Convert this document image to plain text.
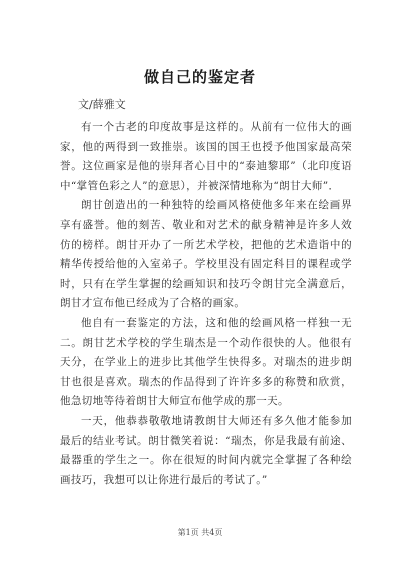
做自己的鉴定者
文/薛雅文

有一个古老的印度故事是这样的。从前有一位伟大的画家，他的两得到一致推崇。该国的国王也授予他国家最高荣誉。这位画家是他的崇拜者心目中的“泰迪黎耶”（北印度语中“掌管色彩之人”的意思），并被深情地称为“朗甘大师”．

朗甘创造出的一种独特的绘画风格使他多年来在绘画界享有盛誉。他的刻苦、敬业和对艺术的献身精神是许多人效仿的榜样。朗甘开办了一所艺术学校，把他的艺术造诣中的精华传授给他的入室弟子。学校里没有固定科目的课程或学时，只有在学生掌握的绘画知识和技巧令朗甘完全满意后，朗甘才宣布他已经成为了合格的画家。

他自有一套鉴定的方法，这和他的绘画风格一样独一无二。朗甘艺术学校的学生瑞杰是一个动作很快的人。他很有天分，在学业上的进步比其他学生快得多。对瑞杰的进步朗甘也很是喜欢。瑞杰的作品得到了许许多多的称赞和欣赏，他急切地等待着朗甘大师宣布他学成的那一天。

一天，他恭恭敬敬地请教朗甘大师还有多久他才能参加最后的结业考试。朗甘微笑着说：“瑞杰，你是我最有前途、最器重的学生之一。你在很短的时间内就完全掌握了各种绘画技巧，我想可以让你进行最后的考试了。”

第1页 共4页
